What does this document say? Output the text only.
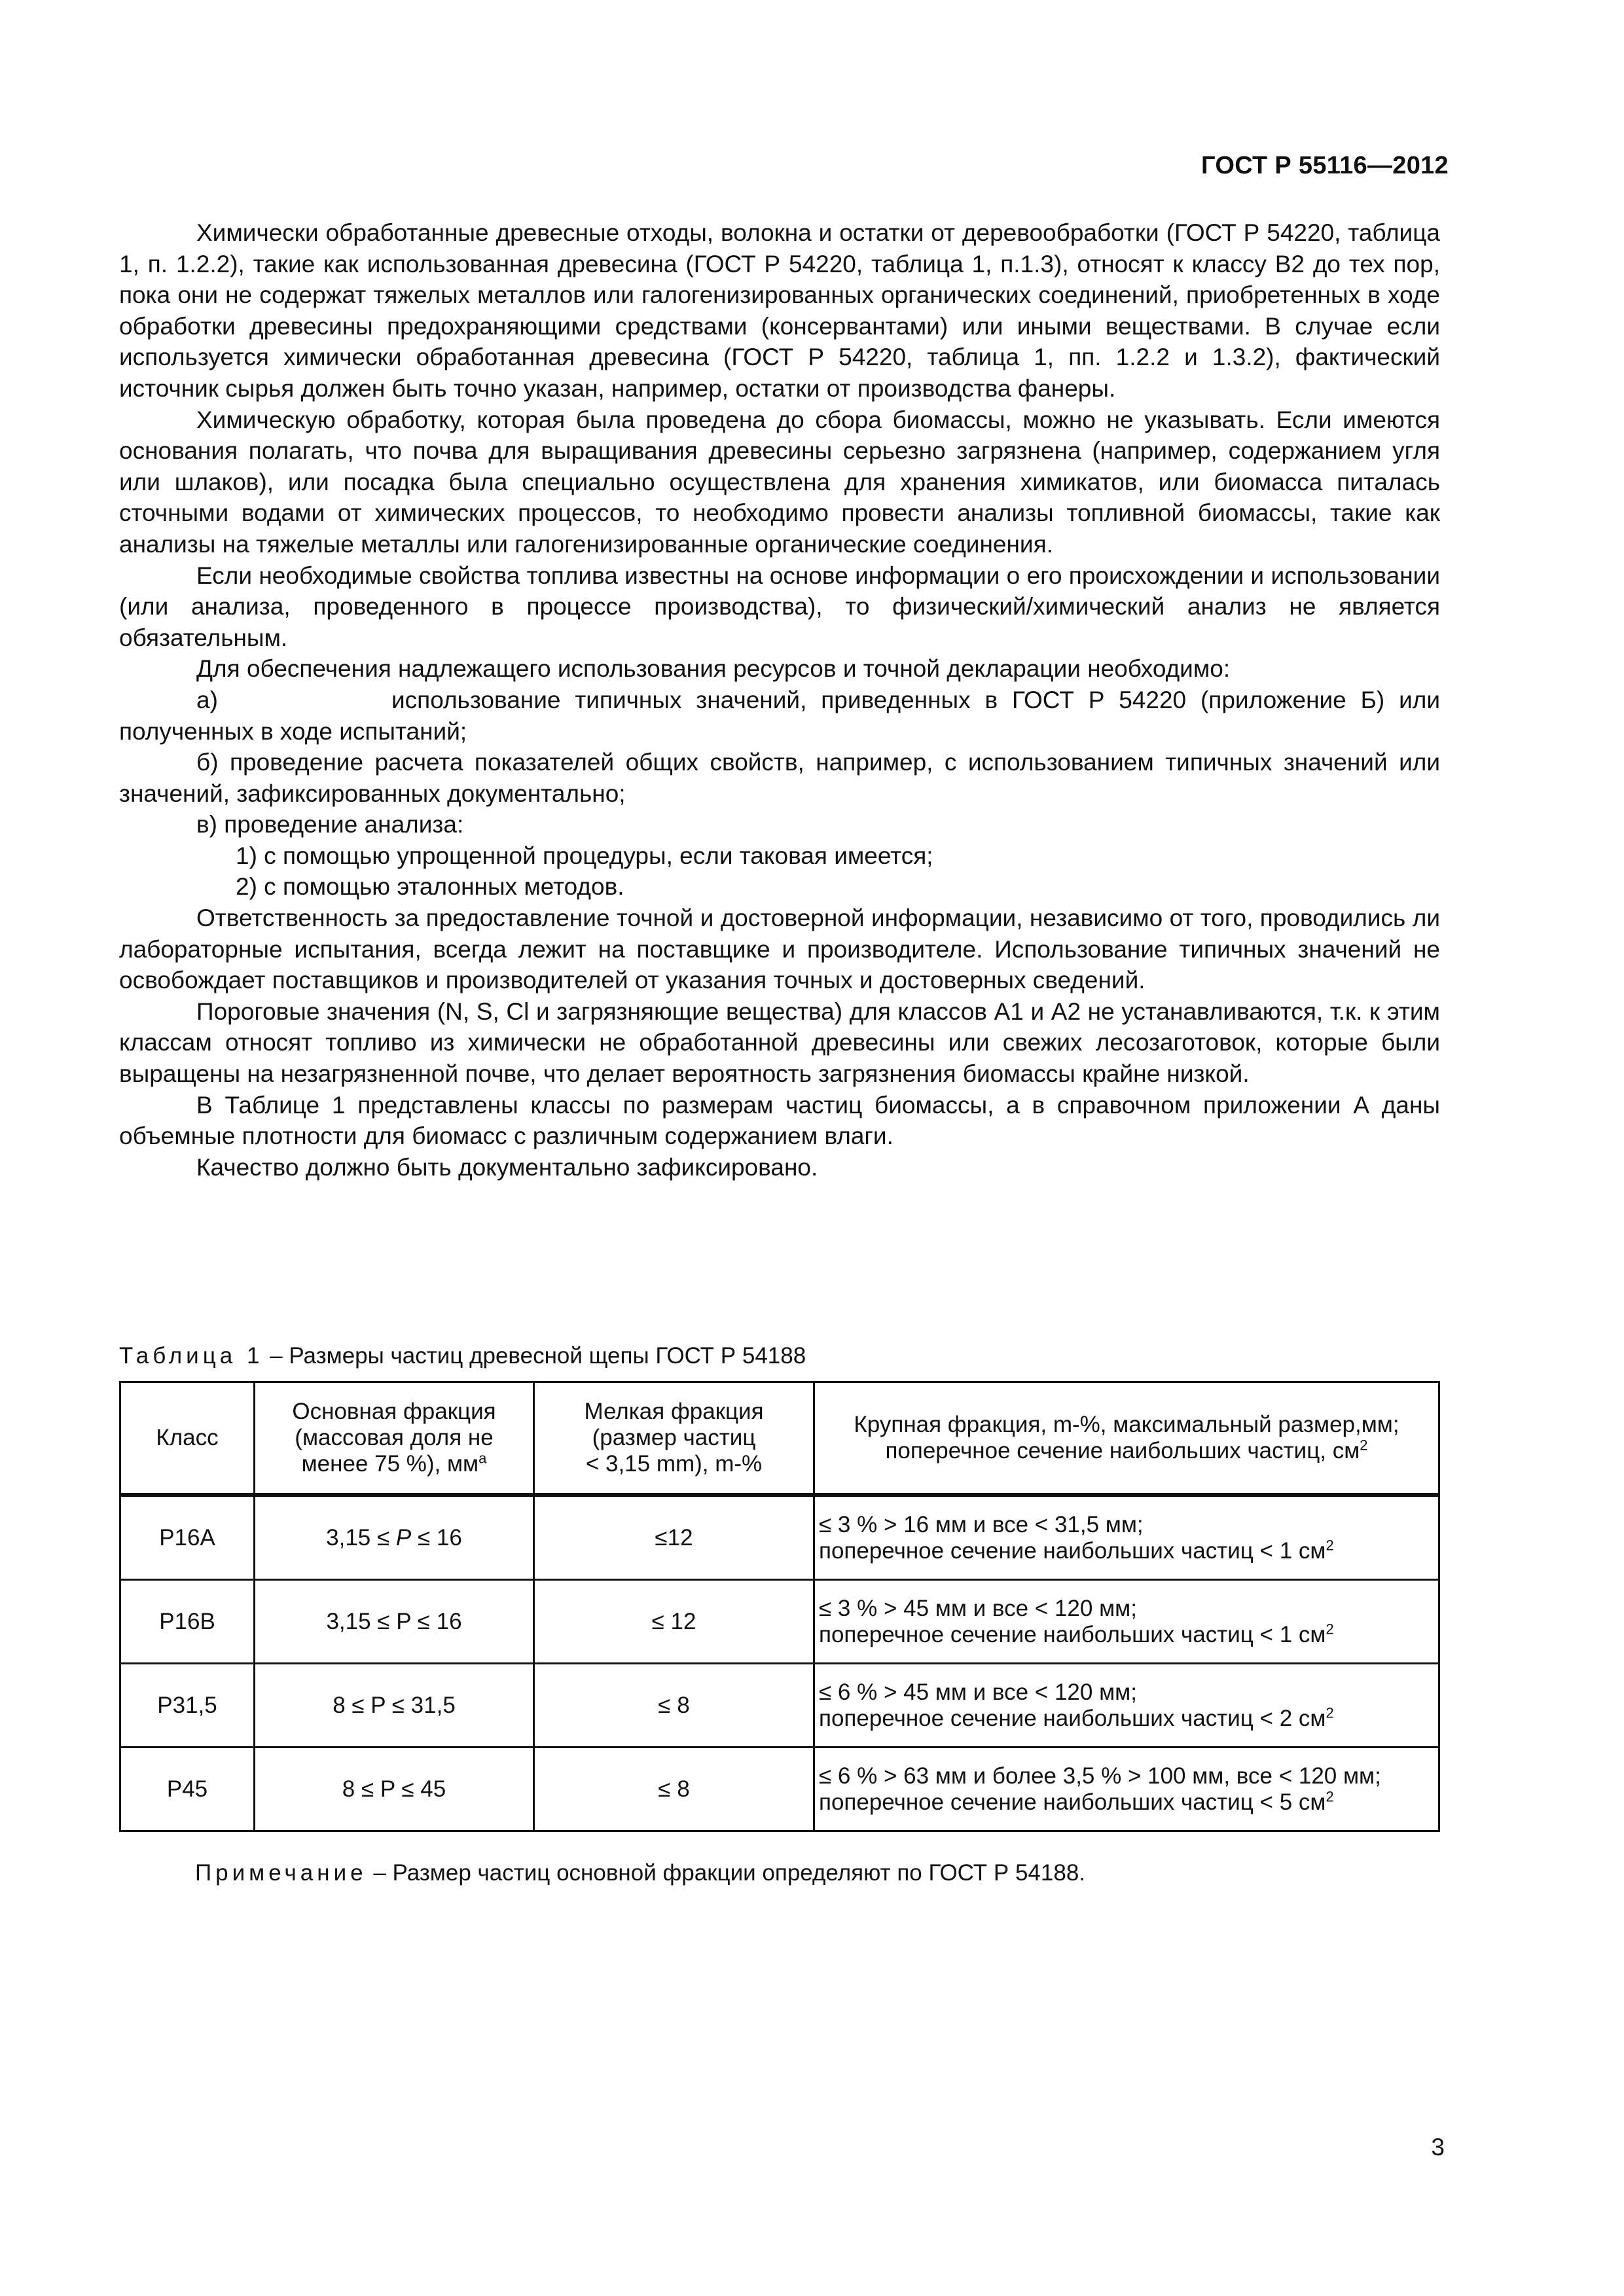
ГОСТ Р 55116—2012

Химически обработанные древесные отходы, волокна и остатки от деревообработки (ГОСТ Р 54220, таблица 1, п. 1.2.2), такие как использованная древесина (ГОСТ Р 54220, таблица 1, п.1.3), относят к классу В2 до тех пор, пока они не содержат тяжелых металлов или галогенизированных органических соединений, приобретенных в ходе обработки древесины предохраняющими средствами (консервантами) или иными веществами. В случае если используется химически обработанная древесина (ГОСТ Р 54220, таблица 1, пп. 1.2.2 и 1.3.2), фактический источник сырья должен быть точно указан, например, остатки от производства фанеры.

Химическую обработку, которая была проведена до сбора биомассы, можно не указывать. Если имеются основания полагать, что почва для выращивания древесины серьезно загрязнена (например, содержанием угля или шлаков), или посадка была специально осуществлена для хранения химикатов, или биомасса питалась сточными водами от химических процессов, то необходимо провести анализы топливной биомассы, такие как анализы на тяжелые металлы или галогенизированные органические соединения.

Если необходимые свойства топлива известны на основе информации о его происхождении и использовании (или анализа, проведенного в процессе производства), то физический/химический анализ не является обязательным.

Для обеспечения надлежащего использования ресурсов и точной декларации необходимо:

а)	использование типичных значений, приведенных в ГОСТ Р 54220 (приложение Б) или полученных в ходе испытаний;

б) проведение расчета показателей общих свойств, например, с использованием типичных значений или значений, зафиксированных документально;

в) проведение анализа:

1) с помощью упрощенной процедуры, если таковая имеется;

2) с помощью эталонных методов.

Ответственность за предоставление точной и достоверной информации, независимо от того, проводились ли лабораторные испытания, всегда лежит на поставщике и производителе. Использование типичных значений не освобождает поставщиков и производителей от указания точных и достоверных сведений.

Пороговые значения (N, S, Cl и загрязняющие вещества) для классов А1 и А2 не устанавливаются, т.к. к этим классам относят топливо из химически не обработанной древесины или свежих лесозаготовок, которые были выращены на незагрязненной почве, что делает вероятность загрязнения биомассы крайне низкой.

В Таблице 1 представлены классы по размерам частиц биомассы, а в справочном приложении А даны объемные плотности для биомасс с различным содержанием влаги.

Качество должно быть документально зафиксировано.

Таблица 1 – Размеры частиц древесной щепы ГОСТ Р 54188
Класс	Основная фракция
(массовая доля не
менее 75 %), $мм^a$	Мелкая фракция
(размер частиц
< 3,15 mm), m-%	Крупная фракция, m-%, максимальный размер,мм;
поперечное сечение наибольших частиц, $см^2$
P16A	3,15 ≤ P ≤ 16	≤12	≤ 3 % > 16 мм и все < 31,5 мм;
поперечное сечение наибольших частиц < 1 $см^2$
P16B	3,15 ≤ P ≤ 16	≤ 12	≤ 3 % > 45 мм и все < 120 мм;
поперечное сечение наибольших частиц < 1 $см^2$
P31,5	8 ≤ P ≤ 31,5	≤ 8	≤ 6 % > 45 мм и все < 120 мм;
поперечное сечение наибольших частиц < 2 $см^2$
P45	8 ≤ P ≤ 45	≤ 8	≤ 6 % > 63 мм и более 3,5 % > 100 мм, все < 120 мм;
поперечное сечение наибольших частиц < 5 $см^2$
Примечание – Размер частиц основной фракции определяют по ГОСТ Р 54188.
3
